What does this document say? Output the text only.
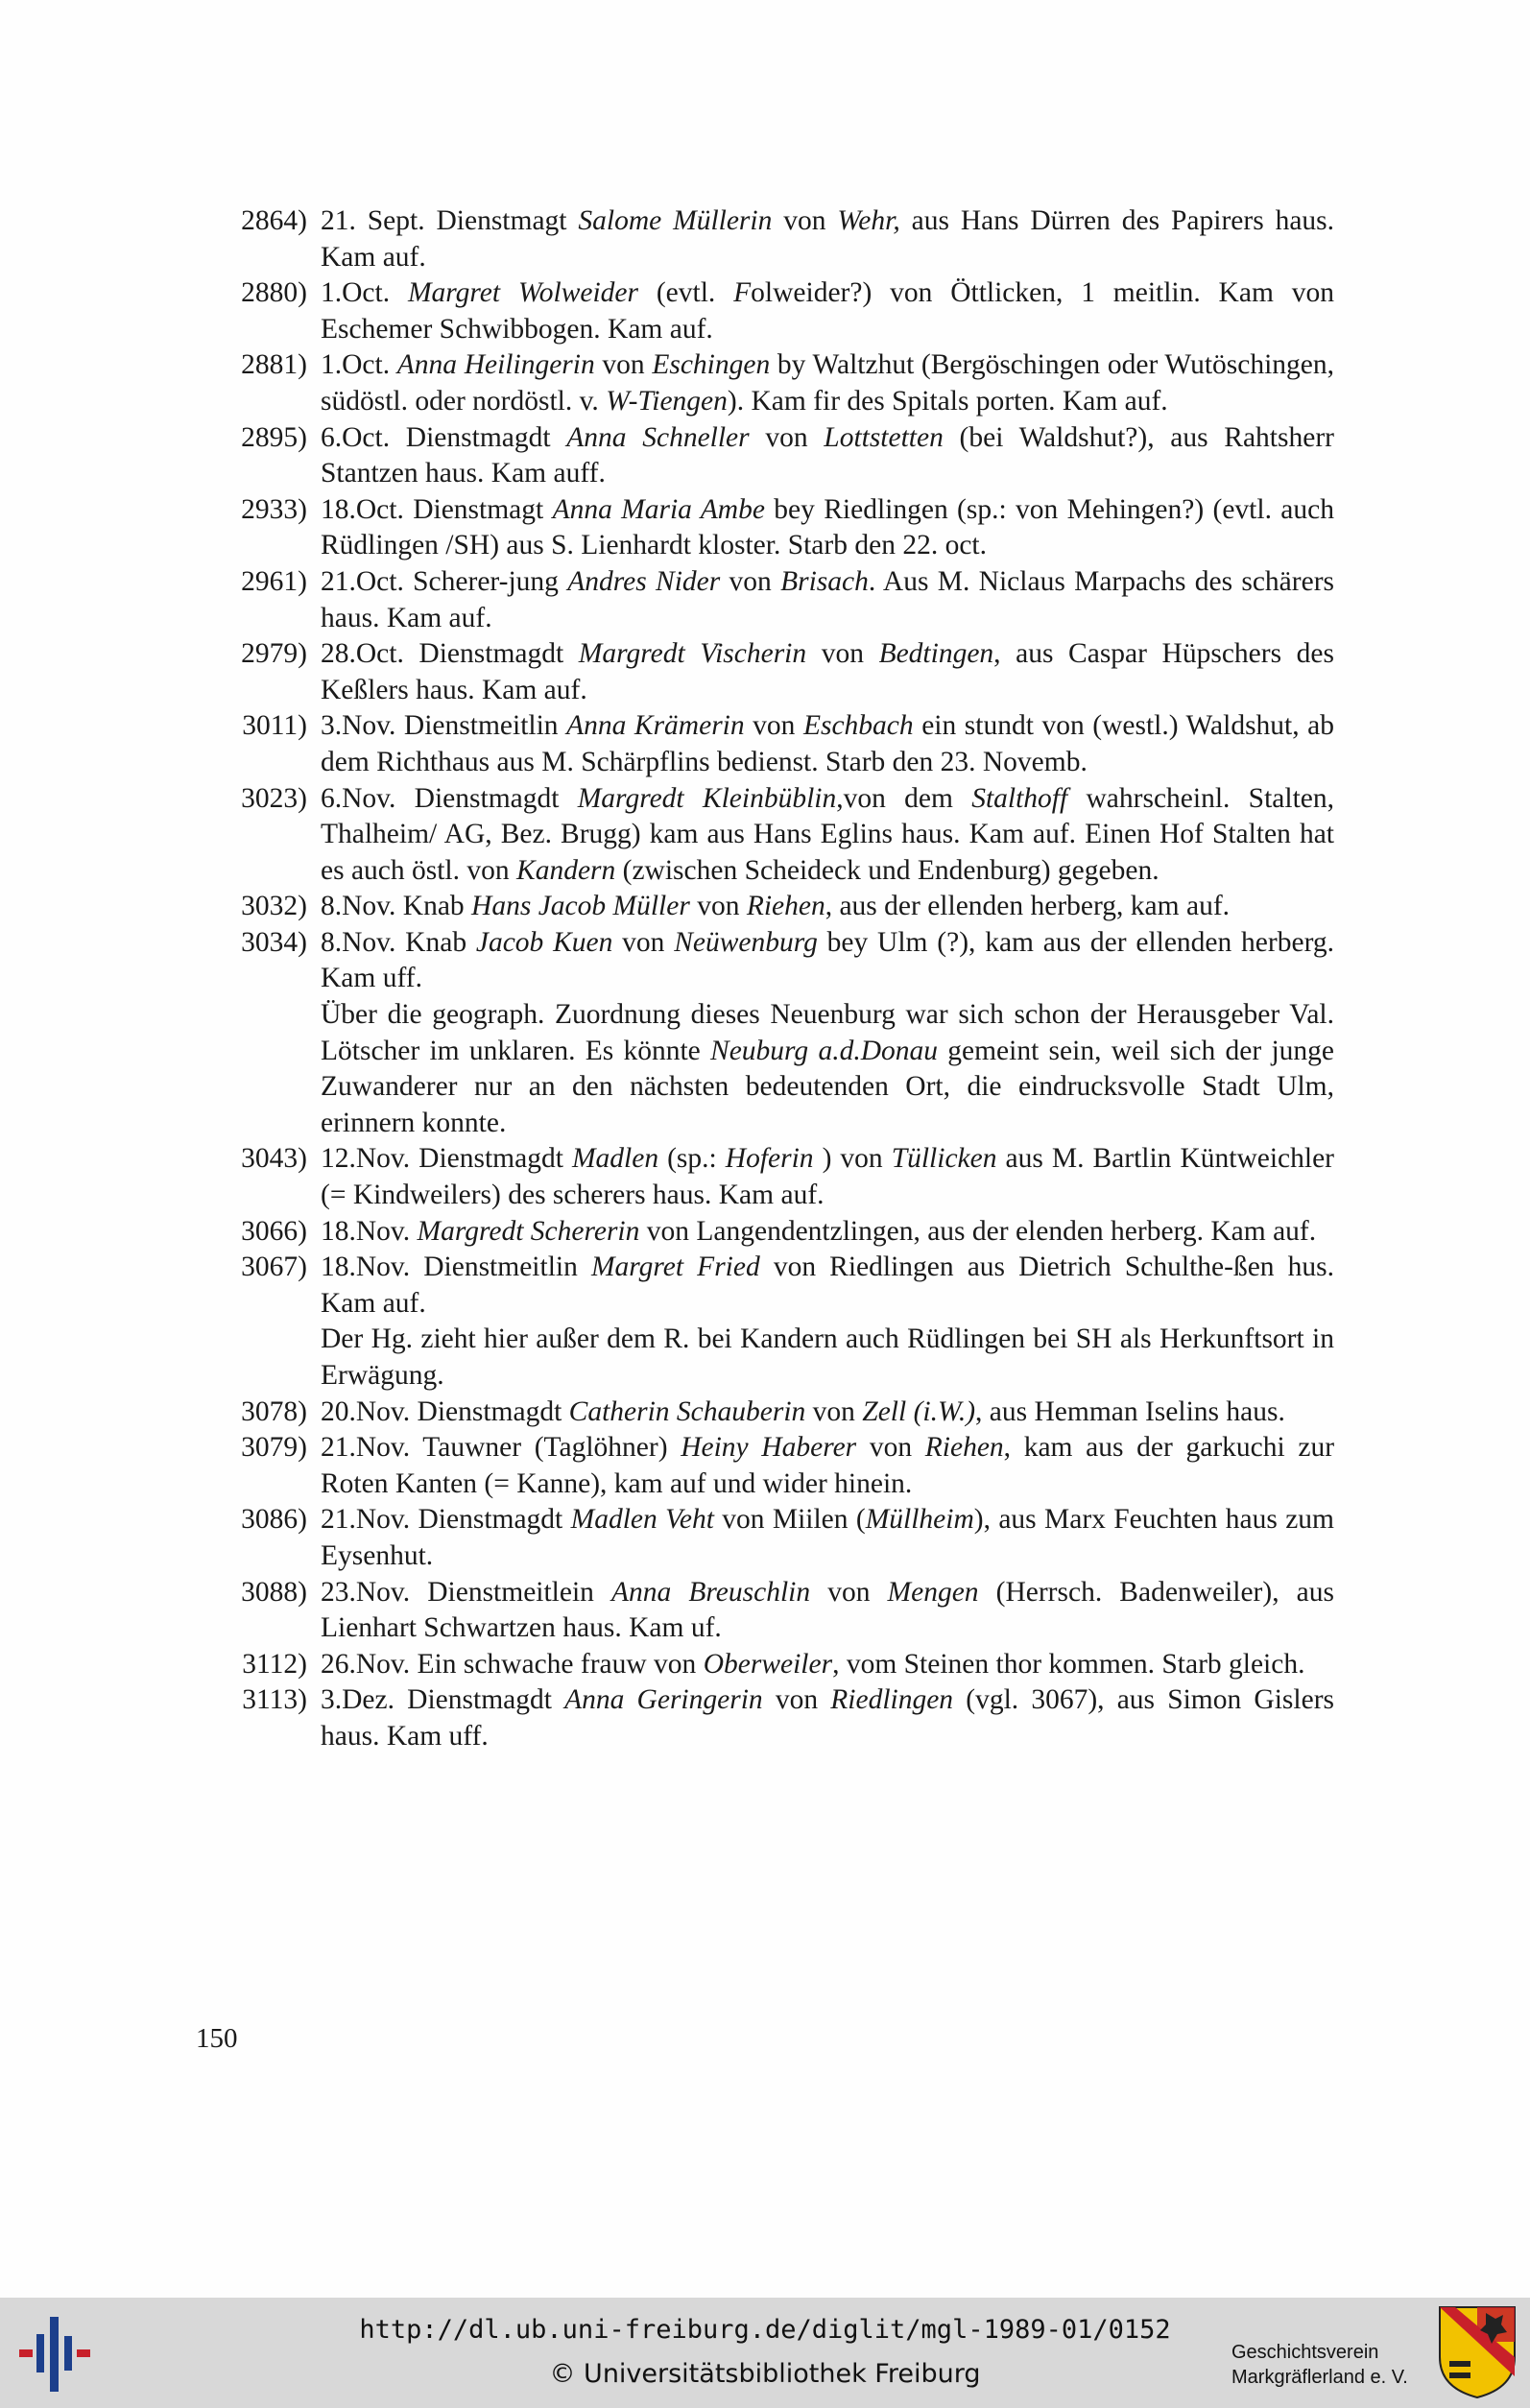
2864) 21. Sept. Dienstmagt Salome Müllerin von Wehr, aus Hans Dürren des Papirers haus. Kam auf.
2880) 1.Oct. Margret Wolweider (evtl. Folweider?) von Öttlicken, 1 meitlin. Kam von Eschemer Schwibbogen. Kam auf.
2881) 1.Oct. Anna Heilingerin von Eschingen by Waltzhut (Bergöschingen oder Wutöschingen, südöstl. oder nordöstl. v. W-Tiengen). Kam fir des Spitals porten. Kam auf.
2895) 6.Oct. Dienstmagdt Anna Schneller von Lottstetten (bei Waldshut?), aus Rahtsherr Stantzen haus. Kam auff.
2933) 18.Oct. Dienstmagt Anna Maria Ambe bey Riedlingen (sp.: von Mehingen?) (evtl. auch Rüdlingen /SH) aus S. Lienhardt kloster. Starb den 22. oct.
2961) 21.Oct. Scherer-jung Andres Nider von Brisach. Aus M. Niclaus Marpachs des schärers haus. Kam auf.
2979) 28.Oct. Dienstmagdt Margredt Vischerin von Bedtingen, aus Caspar Hüpschers des Keßlers haus. Kam auf.
3011) 3.Nov. Dienstmeitlin Anna Krämerin von Eschbach ein stundt von (westl.) Waldshut, ab dem Richthaus aus M. Schärpflins bedienst. Starb den 23. Novemb.
3023) 6.Nov. Dienstmagdt Margredt Kleinbüblin,von dem Stalthoff wahrscheinl. Stalten, Thalheim/ AG, Bez. Brugg) kam aus Hans Eglins haus. Kam auf. Einen Hof Stalten hat es auch östl. von Kandern (zwischen Scheideck und Endenburg) gegeben.
3032) 8.Nov. Knab Hans Jacob Müller von Riehen, aus der ellenden herberg, kam auf.
3034) 8.Nov. Knab Jacob Kuen von Neüwenburg bey Ulm (?), kam aus der ellenden herberg. Kam uff.
Über die geograph. Zuordnung dieses Neuenburg war sich schon der Herausgeber Val. Lötscher im unklaren. Es könnte Neuburg a.d.Donau gemeint sein, weil sich der junge Zuwanderer nur an den nächsten bedeutenden Ort, die eindrucksvolle Stadt Ulm, erinnern konnte.
3043) 12.Nov. Dienstmagdt Madlen (sp.: Hoferin ) von Tüllicken aus M. Bartlin Küntweichler (= Kindweilers) des scherers haus. Kam auf.
3066) 18.Nov. Margredt Schererin von Langendentzlingen, aus der elenden herberg. Kam auf.
3067) 18.Nov. Dienstmeitlin Margret Fried von Riedlingen aus Dietrich Schulthe-ßen hus. Kam auf.
Der Hg. zieht hier außer dem R. bei Kandern auch Rüdlingen bei SH als Herkunftsort in Erwägung.
3078) 20.Nov. Dienstmagdt Catherin Schauberin von Zell (i.W.), aus Hemman Iselins haus.
3079) 21.Nov. Tauwner (Taglöhner) Heiny Haberer von Riehen, kam aus der garkuchi zur Roten Kanten (= Kanne), kam auf und wider hinein.
3086) 21.Nov. Dienstmagdt Madlen Veht von Miilen (Müllheim), aus Marx Feuchten haus zum Eysenhut.
3088) 23.Nov. Dienstmeitlein Anna Breuschlin von Mengen (Herrsch. Badenweiler), aus Lienhart Schwartzen haus. Kam uf.
3112) 26.Nov. Ein schwache frauw von Oberweiler, vom Steinen thor kommen. Starb gleich.
3113) 3.Dez. Dienstmagdt Anna Geringerin von Riedlingen (vgl. 3067), aus Simon Gislers haus. Kam uff.
150
http://dl.ub.uni-freiburg.de/diglit/mgl-1989-01/0152
© Universitätsbibliothek Freiburg
Geschichtsverein
Markgräflerland e. V.
